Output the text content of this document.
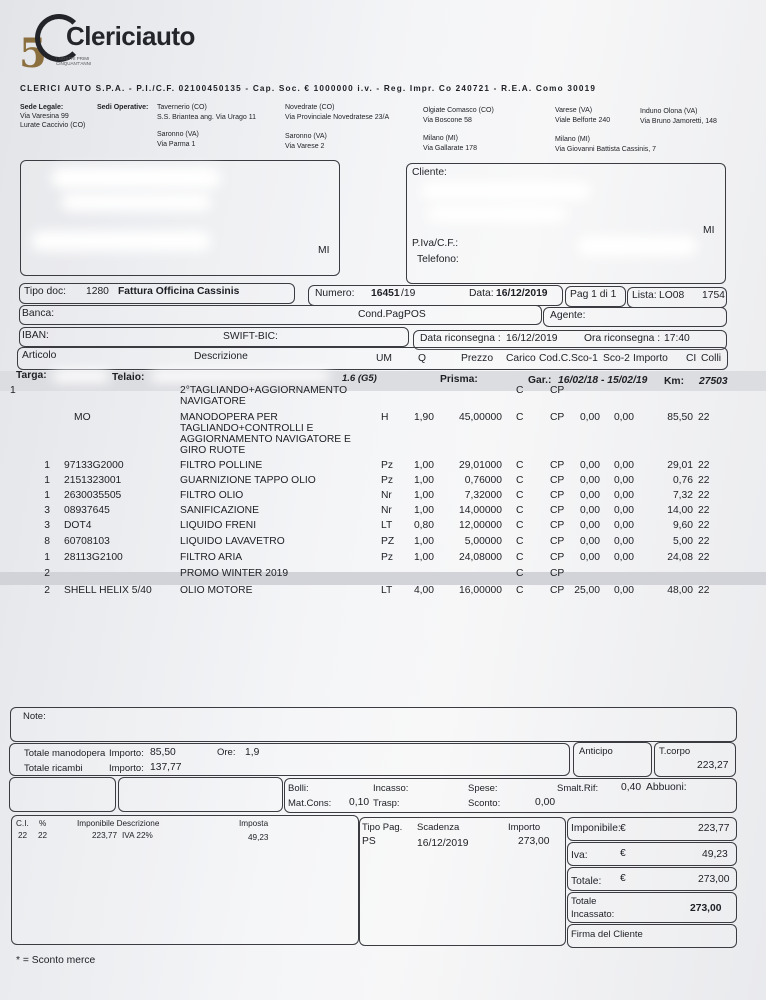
5 I NOSTRI PRIMI
CINQUANT'ANNI
Clericiauto
CLERICI AUTO S.P.A. - P.I./C.F. 02100450135 - Cap. Soc. € 1000000 i.v. - Reg. Impr. Co 240721 - R.E.A. Como 30019
Sede Legale:
Via Varesina 99
Lurate Caccivio (CO)
Sedi Operative: Tavernerio (CO)
S.S. Briantea ang. Via Urago 11
Novedrate (CO)
Via Provinciale Novedratese 23/A
Olgiate Comasco (CO)
Via Boscone 58
Varese (VA)
Viale Belforte 240
Induno Olona (VA)
Via Bruno Jamoretti, 148
Saronno (VA)
Via Parma 1
Saronno (VA)
Via Varese 2
Milano (MI)
Via Gallarate 178
Milano (MI)
Via Giovanni Battista Cassinis, 7
MI
Cliente:
MI
P.Iva/C.F.:
Telefono:
Tipo doc: 1280 Fattura Officina Cassinis	Numero: 16451 /19	Data: 16/12/2019 Pag 1 di 1 Lista: LO08 1754
Banca:	Cond.Pag:
POS	Agente:
IBAN:	SWIFT-BIC:	Data riconsegna : 16/12/2019	Ora riconsegna : 17:40
Articolo	Descrizione	UM	Q	Prezzo Carico Cod.C. Sco-1 Sco-2 Importo CI Colli
Targa:	Telaio:	1.6 (G5)	Prisma:	Gar.: 16/02/18 - 15/02/19 Km: 27503
1	2°TAGLIANDO+AGGIORNAMENTO	C	CP
NAVIGATORE
MO	MANODOPERA PER	H	1,90	45,00000 C	CP	0,00	0,00	85,50 22
TAGLIANDO+CONTROLLI E
AGGIORNAMENTO NAVIGATORE E
GIRO RUOTE
1 97133G2000	FILTRO POLLINE	Pz	1,00	29,01000 C	CP	0,00	0,00	29,01 22
1 2151323001	GUARNIZIONE TAPPO OLIO	Pz	1,00	0,76000 C	CP	0,00	0,00	0,76 22
1 2630035505	FILTRO OLIO	Nr	1,00	7,32000 C	CP	0,00	0,00	7,32 22
3 08937645	SANIFICAZIONE	Nr	1,00	14,00000 C	CP	0,00	0,00	14,00 22
3 DOT4	LIQUIDO FRENI	LT	0,80	12,00000 C	CP	0,00	0,00	9,60 22
8 60708103	LIQUIDO LAVAVETRO	PZ	1,00	5,00000 C	CP	0,00	0,00	5,00 22
1 28113G2100	FILTRO ARIA	Pz	1,00	24,08000 C	CP	0,00	0,00	24,08 22
2	PROMO WINTER 2019	C	CP
2 SHELL HELIX 5/40	OLIO MOTORE	LT	4,00	16,00000 C	CP 25,00	0,00	48,00 22
Note:
Totale manodopera Importo: 85,50	Ore: 1,9
Totale ricambi	Importo: 137,77
Anticipo	T.corpo
223,27
Bolli:	Incasso:	Spese:	Smalt.Rif: 0,40 Abbuoni:
Mat.Cons: 0,10 Trasp:	Sconto:	0,00
C.I. %	Imponibile Descrizione	Imposta
22 22	223,77 IVA 22%	49,23
Tipo Pag. Scadenza	Importo
PS	16/12/2019	273,00
Imponibile: €	223,77
Iva:	€	49,23
Totale: €	273,00
Totale
Incassato:
273,00
Firma del Cliente
* = Sconto merce
